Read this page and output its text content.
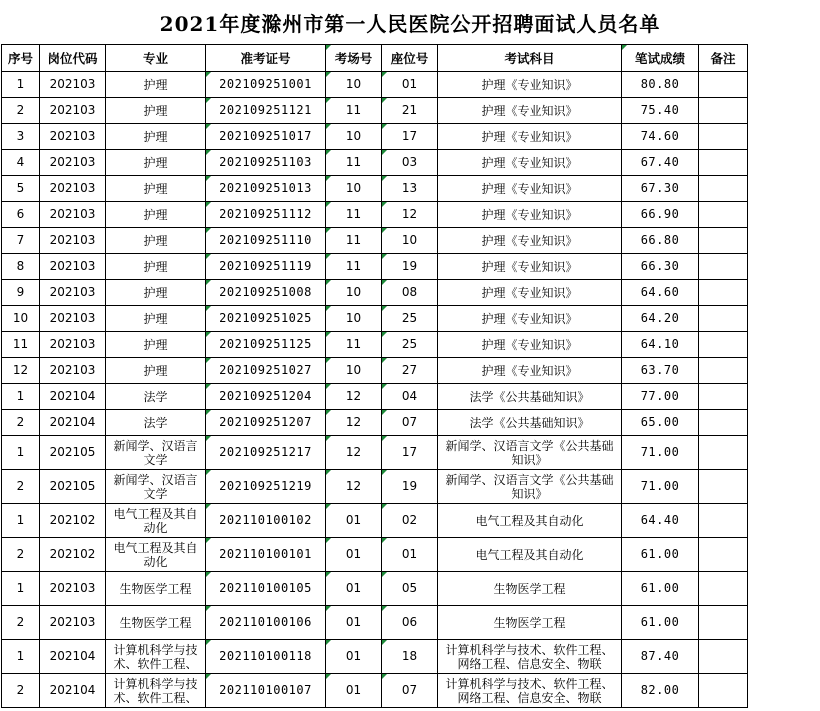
2021年度滁州市第一人民医院公开招聘面试人员名单
序号	岗位代码	专业	准考证号	考场号	座位号	考试科目	笔试成绩	备注
1	202103	护理	202109251001	10	01	护理《专业知识》	80.80	
2	202103	护理	202109251121	11	21	护理《专业知识》	75.40	
3	202103	护理	202109251017	10	17	护理《专业知识》	74.60	
4	202103	护理	202109251103	11	03	护理《专业知识》	67.40	
5	202103	护理	202109251013	10	13	护理《专业知识》	67.30	
6	202103	护理	202109251112	11	12	护理《专业知识》	66.90	
7	202103	护理	202109251110	11	10	护理《专业知识》	66.80	
8	202103	护理	202109251119	11	19	护理《专业知识》	66.30	
9	202103	护理	202109251008	10	08	护理《专业知识》	64.60	
10	202103	护理	202109251025	10	25	护理《专业知识》	64.20	
11	202103	护理	202109251125	11	25	护理《专业知识》	64.10	
12	202103	护理	202109251027	10	27	护理《专业知识》	63.70	
1	202104	法学	202109251204	12	04	法学《公共基础知识》	77.00	
2	202104	法学	202109251207	12	07	法学《公共基础知识》	65.00	
1	202105	新闻学、汉语言文学	202109251217	12	17	新闻学、汉语言文学《公共基础知识》	71.00	
2	202105	新闻学、汉语言文学	202109251219	12	19	新闻学、汉语言文学《公共基础知识》	71.00	
1	202102	电气工程及其自动化	202110100102	01	02	电气工程及其自动化	64.40	
2	202102	电气工程及其自动化	202110100101	01	01	电气工程及其自动化	61.00	
1	202103	生物医学工程	202110100105	01	05	生物医学工程	61.00	
2	202103	生物医学工程	202110100106	01	06	生物医学工程	61.00	
1	202104	计算机科学与技术、软件工程、	202110100118	01	18	计算机科学与技术、软件工程、网络工程、信息安全、物联	87.40	
2	202104	计算机科学与技术、软件工程、	202110100107	01	07	计算机科学与技术、软件工程、网络工程、信息安全、物联	82.00	
